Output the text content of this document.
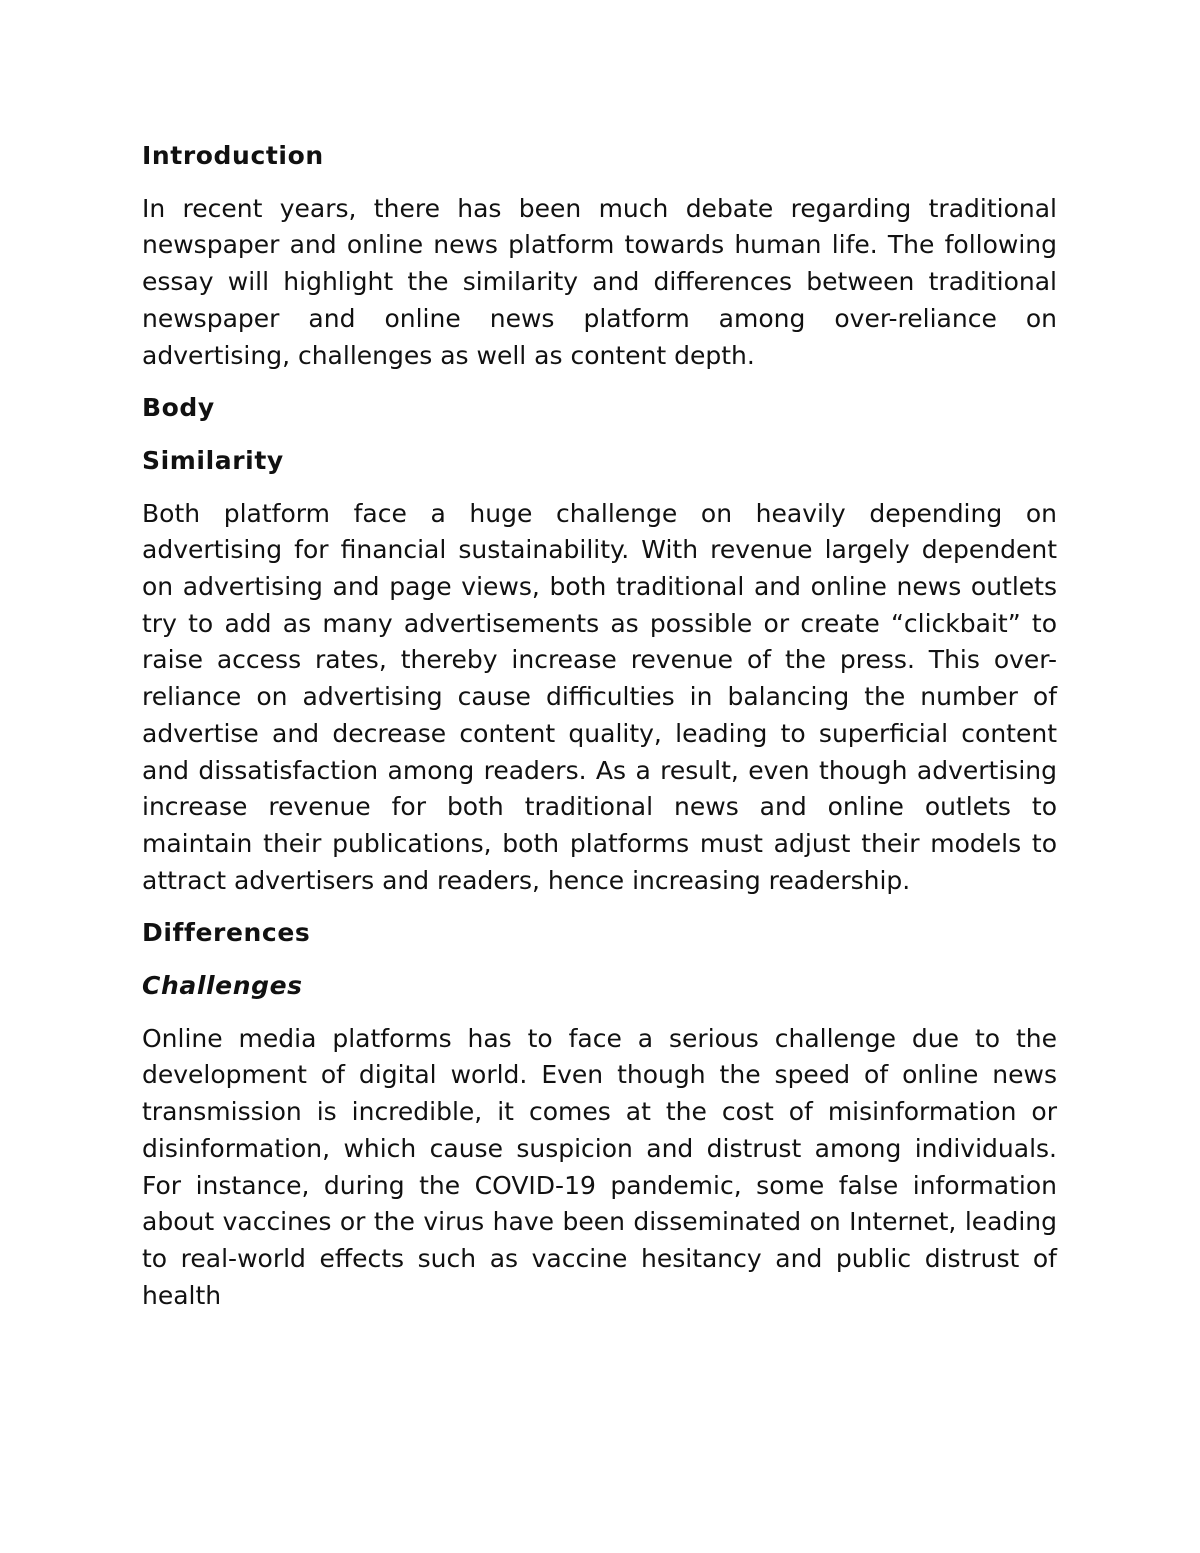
Introduction

In recent years, there has been much debate regarding traditional newspaper and online news platform towards human life. The following essay will highlight the similarity and differences between traditional newspaper and online news platform among over-reliance on advertising, challenges as well as content depth.

Body
Similarity

Both platform face a huge challenge on heavily depending on advertising for financial sustainability. With revenue largely dependent on advertising and page views, both traditional and online news outlets try to add as many advertisements as possible or create “clickbait” to raise access rates, thereby increase revenue of the press. This over-reliance on advertising cause difficulties in balancing the number of advertise and decrease content quality, leading to superficial content and dissatisfaction among readers. As a result, even though advertising increase revenue for both traditional news and online outlets to maintain their publications, both platforms must adjust their models to attract advertisers and readers, hence increasing readership.

Differences
Challenges

Online media platforms has to face a serious challenge due to the development of digital world. Even though the speed of online news transmission is incredible, it comes at the cost of misinformation or disinformation, which cause suspicion and distrust among individuals. For instance, during the COVID-19 pandemic, some false information about vaccines or the virus have been disseminated on Internet, leading to real-world effects such as vaccine hesitancy and public distrust of health
